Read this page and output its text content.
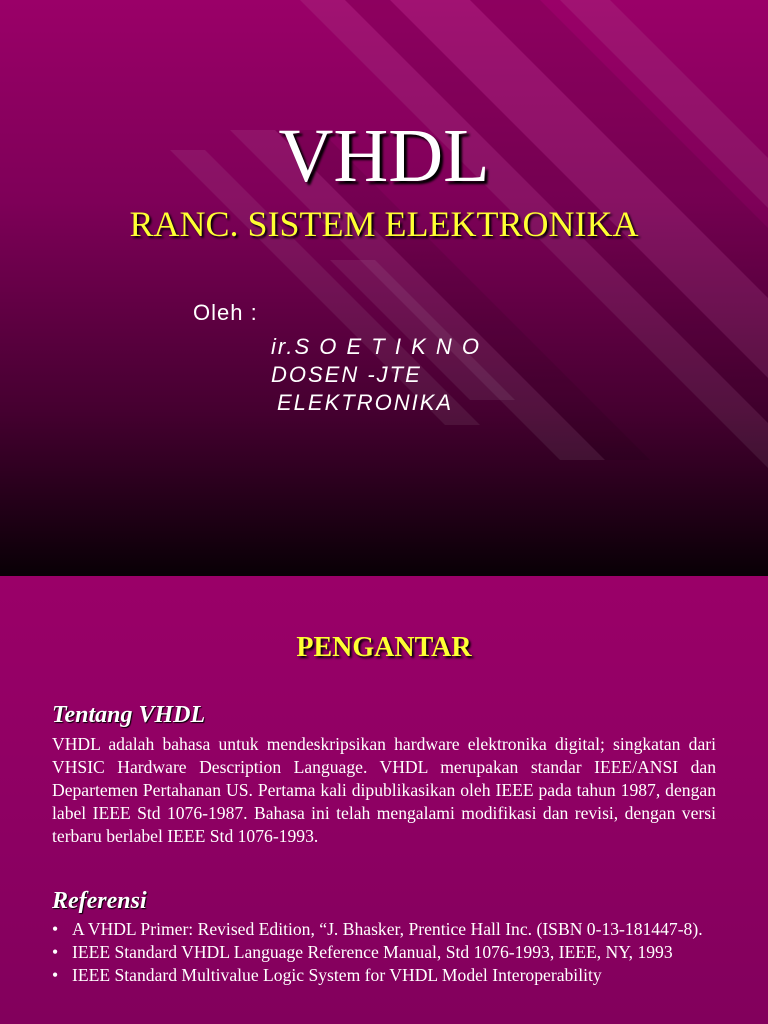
VHDL
RANC. SISTEM ELEKTRONIKA
Oleh :
ir.S O E T I K N O
DOSEN -JTE
ELEKTRONIKA
PENGANTAR
Tentang VHDL
VHDL adalah bahasa untuk mendeskripsikan hardware elektronika digital; singkatan dari VHSIC Hardware Description Language. VHDL merupakan standar IEEE/ANSI dan Departemen Pertahanan US. Pertama kali dipublikasikan oleh IEEE pada tahun 1987, dengan label IEEE Std 1076-1987. Bahasa ini telah mengalami modifikasi dan revisi, dengan versi terbaru berlabel IEEE Std 1076-1993.
Referensi
• A VHDL Primer: Revised Edition, “J. Bhasker, Prentice Hall Inc. (ISBN 0-13-181447-8).
• IEEE Standard VHDL Language Reference Manual, Std 1076-1993, IEEE, NY, 1993
• IEEE Standard Multivalue Logic System for VHDL Model Interoperability
